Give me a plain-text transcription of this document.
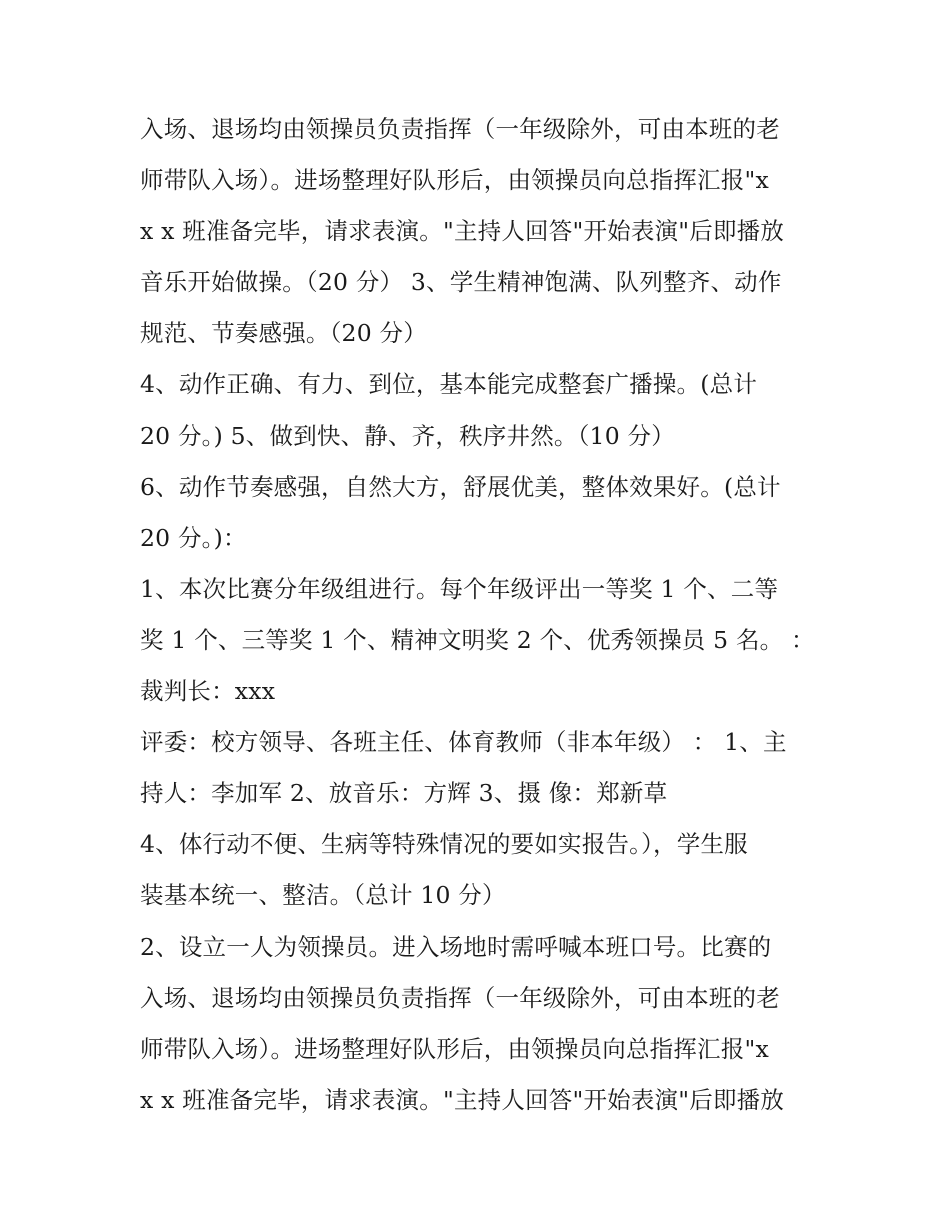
入场、退场均由领操员负责指挥（一年级除外，可由本班的老
师带队入场）。进场整理好队形后，由领操员向总指挥汇报"x
x x 班准备完毕，请求表演。"主持人回答"开始表演"后即播放
音乐开始做操。（20 分） 3、学生精神饱满、队列整齐、动作
规范、节奏感强。（20 分）
4、动作正确、有力、到位，基本能完成整套广播操。(总计
20 分。) 5、做到快、静、齐，秩序井然。（10 分）
6、动作节奏感强，自然大方，舒展优美，整体效果好。(总计
20 分。)：
1、本次比赛分年级组进行。每个年级评出一等奖 1 个、二等
奖 1 个、三等奖 1 个、精神文明奖 2 个、优秀领操员 5 名。 ：
裁判长：xxx
评委：校方领导、各班主任、体育教师（非本年级） ： 1、主
持人：李加军 2、放音乐：方辉 3、摄 像：郑新草
4、体行动不便、生病等特殊情况的要如实报告。），学生服
装基本统一、整洁。（总计 10 分）
2、设立一人为领操员。进入场地时需呼喊本班口号。比赛的
入场、退场均由领操员负责指挥（一年级除外，可由本班的老
师带队入场）。进场整理好队形后，由领操员向总指挥汇报"x
x x 班准备完毕，请求表演。"主持人回答"开始表演"后即播放
